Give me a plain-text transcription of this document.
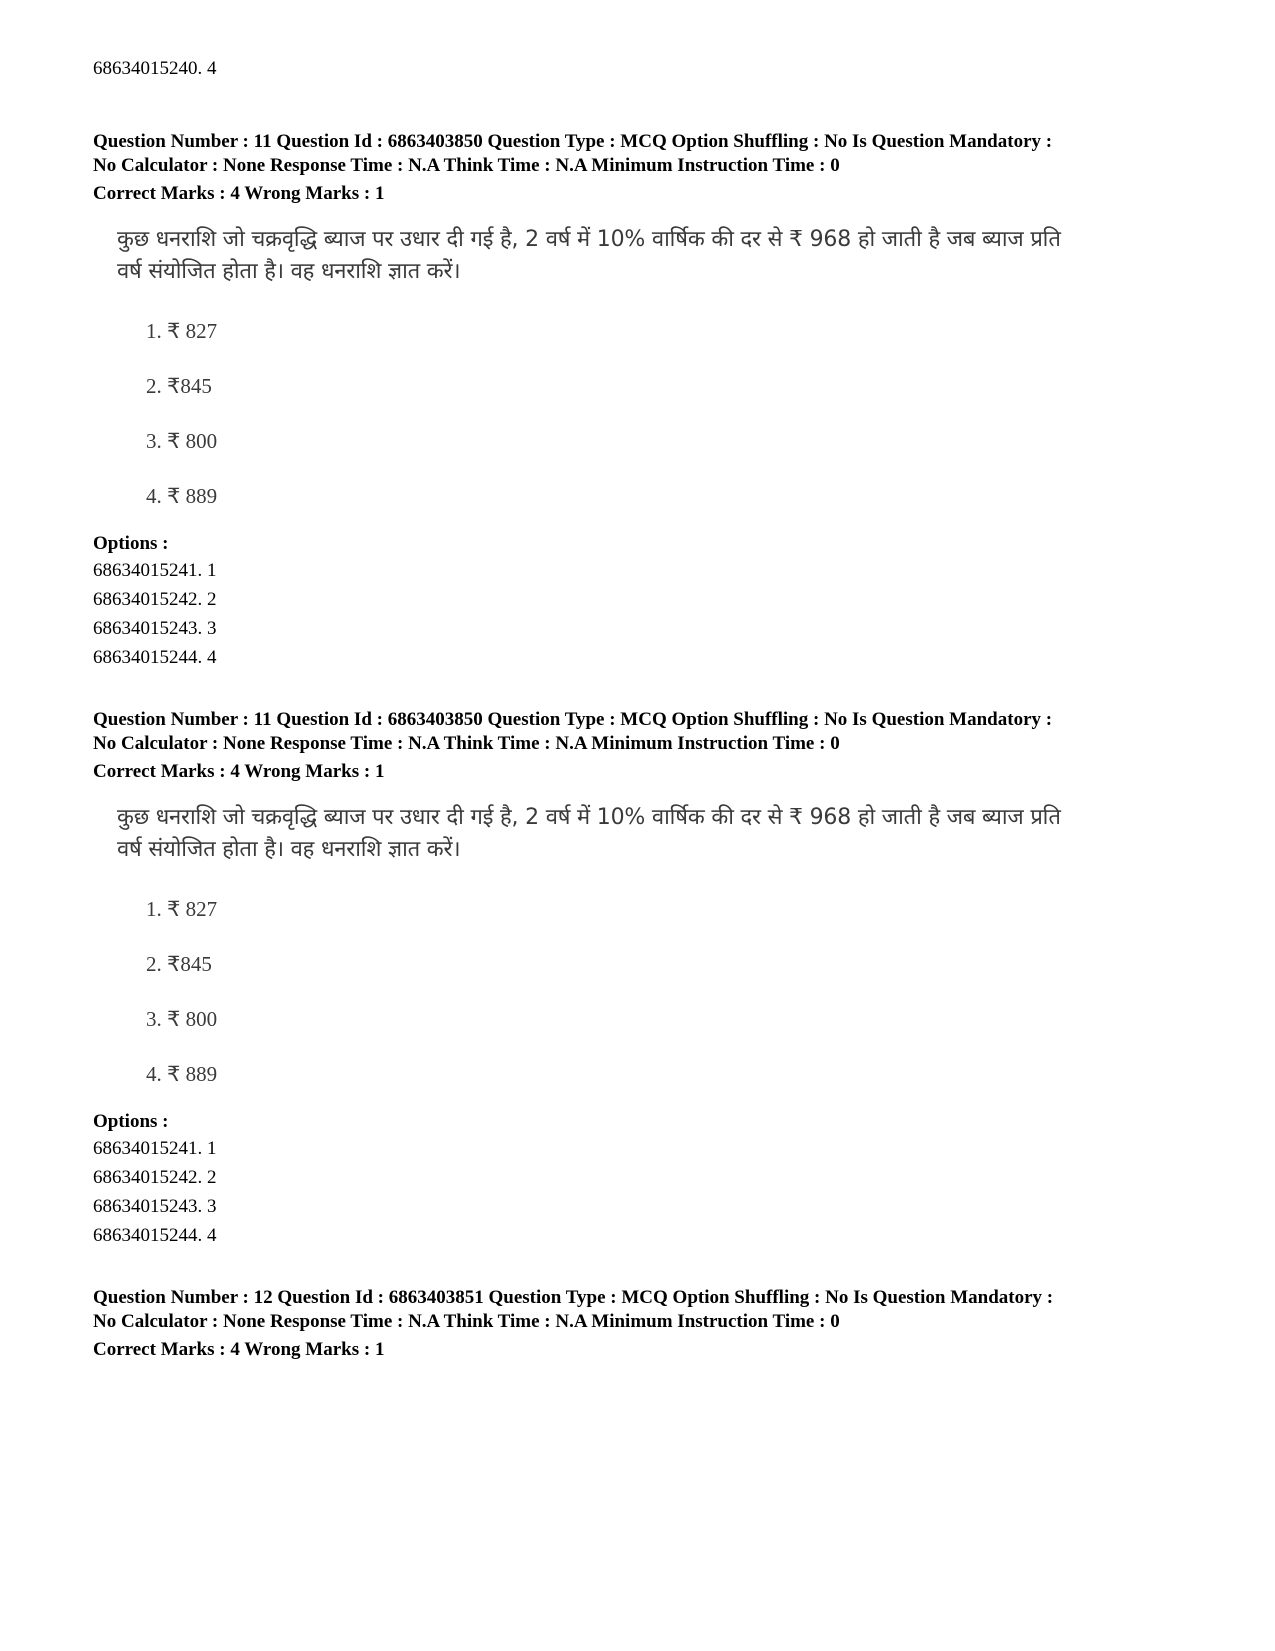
68634015240. 4
Question Number : 11 Question Id : 6863403850 Question Type : MCQ Option Shuffling : No Is Question Mandatory :
No Calculator : None Response Time : N.A Think Time : N.A Minimum Instruction Time : 0
Correct Marks : 4 Wrong Marks : 1
कुछ धनराशि जो चक्रवृद्धि ब्याज पर उधार दी गई है, 2 वर्ष में 10% वार्षिक की दर से ₹ 968 हो जाती है जब ब्याज प्रति
वर्ष संयोजित होता है। वह धनराशि ज्ञात करें।
1. ₹ 827
2. ₹845
3. ₹ 800
4. ₹ 889
Options :
68634015241. 1
68634015242. 2
68634015243. 3
68634015244. 4
Question Number : 11 Question Id : 6863403850 Question Type : MCQ Option Shuffling : No Is Question Mandatory :
No Calculator : None Response Time : N.A Think Time : N.A Minimum Instruction Time : 0
Correct Marks : 4 Wrong Marks : 1
कुछ धनराशि जो चक्रवृद्धि ब्याज पर उधार दी गई है, 2 वर्ष में 10% वार्षिक की दर से ₹ 968 हो जाती है जब ब्याज प्रति
वर्ष संयोजित होता है। वह धनराशि ज्ञात करें।
1. ₹ 827
2. ₹845
3. ₹ 800
4. ₹ 889
Options :
68634015241. 1
68634015242. 2
68634015243. 3
68634015244. 4
Question Number : 12 Question Id : 6863403851 Question Type : MCQ Option Shuffling : No Is Question Mandatory :
No Calculator : None Response Time : N.A Think Time : N.A Minimum Instruction Time : 0
Correct Marks : 4 Wrong Marks : 1
